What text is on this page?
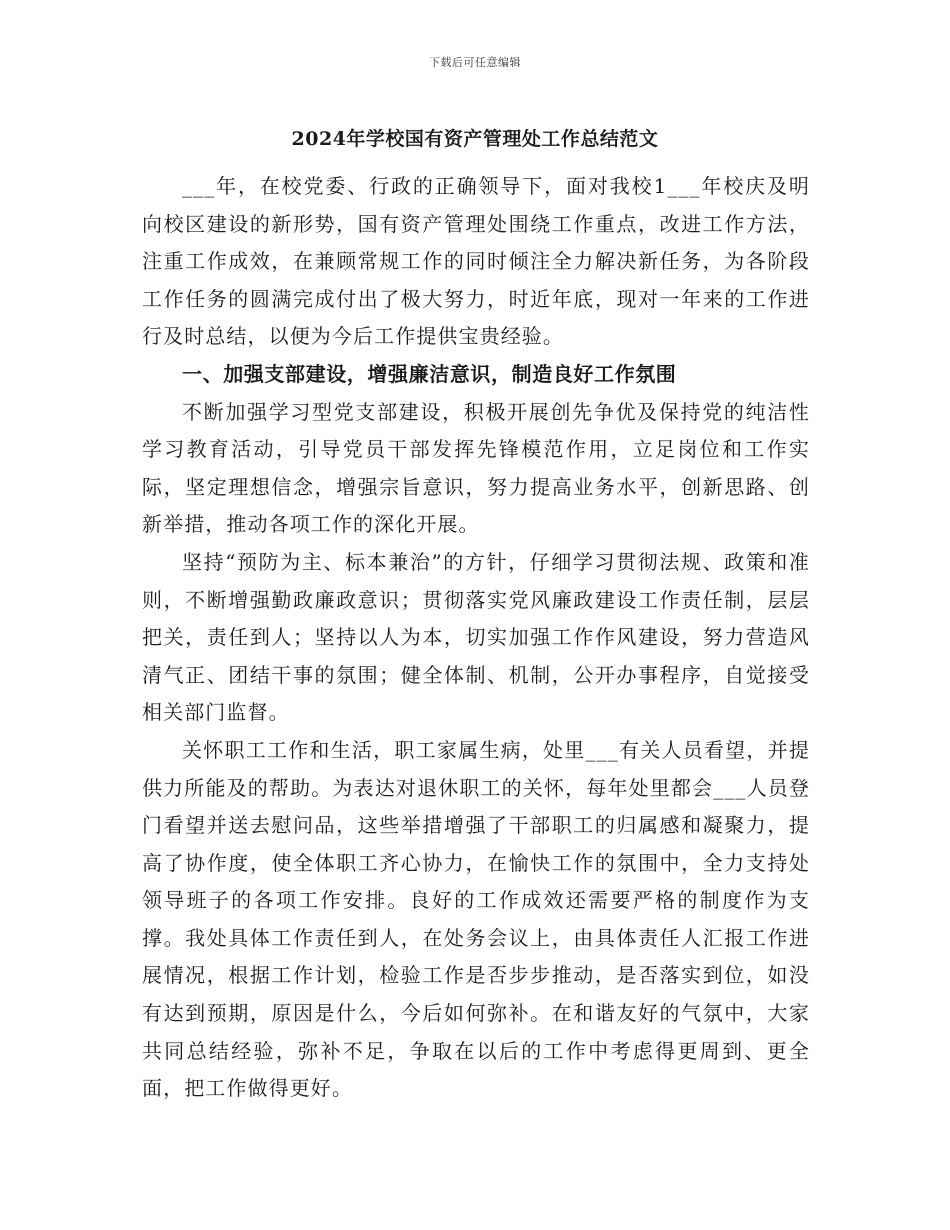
下载后可任意编辑
2024年学校国有资产管理处工作总结范文

___年，在校党委、行政的正确领导下，面对我校1___年校庆及明向校区建设的新形势，国有资产管理处围绕工作重点，改进工作方法，注重工作成效，在兼顾常规工作的同时倾注全力解决新任务，为各阶段工作任务的圆满完成付出了极大努力，时近年底，现对一年来的工作进行及时总结，以便为今后工作提供宝贵经验。

一、加强支部建设，增强廉洁意识，制造良好工作氛围

不断加强学习型党支部建设，积极开展创先争优及保持党的纯洁性学习教育活动，引导党员干部发挥先锋模范作用，立足岗位和工作实际，坚定理想信念，增强宗旨意识，努力提高业务水平，创新思路、创新举措，推动各项工作的深化开展。

坚持“预防为主、标本兼治”的方针，仔细学习贯彻法规、政策和准则，不断增强勤政廉政意识；贯彻落实党风廉政建设工作责任制，层层把关，责任到人；坚持以人为本，切实加强工作作风建设，努力营造风清气正、团结干事的氛围；健全体制、机制，公开办事程序，自觉接受相关部门监督。

关怀职工工作和生活，职工家属生病，处里___有关人员看望，并提供力所能及的帮助。为表达对退休职工的关怀，每年处里都会___人员登门看望并送去慰问品，这些举措增强了干部职工的归属感和凝聚力，提高了协作度，使全体职工齐心协力，在愉快工作的氛围中，全力支持处领导班子的各项工作安排。良好的工作成效还需要严格的制度作为支撑。我处具体工作责任到人，在处务会议上，由具体责任人汇报工作进展情况，根据工作计划，检验工作是否步步推动，是否落实到位，如没有达到预期，原因是什么，今后如何弥补。在和谐友好的气氛中，大家共同总结经验，弥补不足，争取在以后的工作中考虑得更周到、更全面，把工作做得更好。
